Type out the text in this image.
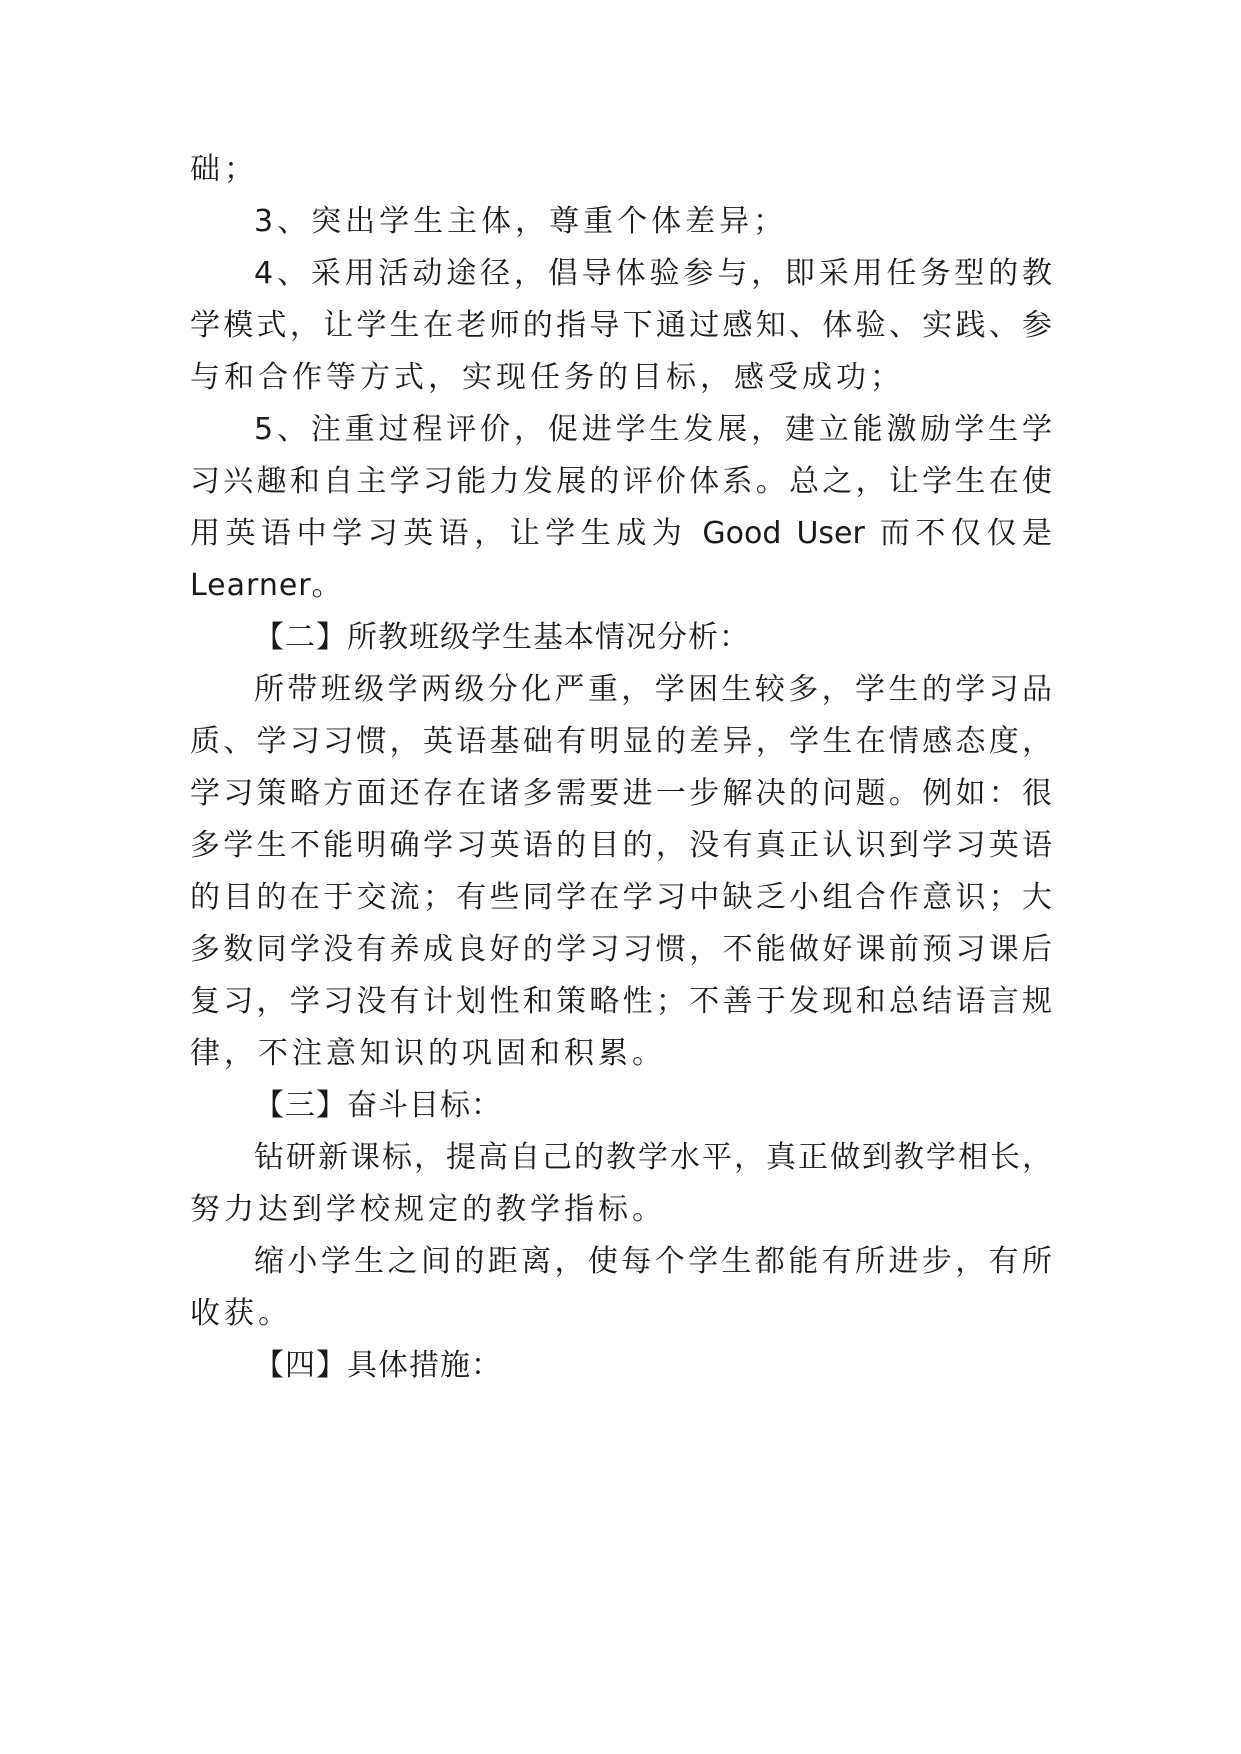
础；
3、突出学生主体，尊重个体差异；
4、采用活动途径，倡导体验参与，即采用任务型的教
学模式，让学生在老师的指导下通过感知、体验、实践、参
与和合作等方式，实现任务的目标，感受成功；
5、注重过程评价，促进学生发展，建立能激励学生学
习兴趣和自主学习能力发展的评价体系。总之，让学生在使
用英语中学习英语，让学生成为 Good User 而不仅仅是
Learner。
【二】所教班级学生基本情况分析：
所带班级学两级分化严重，学困生较多，学生的学习品
质、学习习惯，英语基础有明显的差异，学生在情感态度，
学习策略方面还存在诸多需要进一步解决的问题。例如：很
多学生不能明确学习英语的目的，没有真正认识到学习英语
的目的在于交流；有些同学在学习中缺乏小组合作意识；大
多数同学没有养成良好的学习习惯，不能做好课前预习课后
复习，学习没有计划性和策略性；不善于发现和总结语言规
律，不注意知识的巩固和积累。
【三】奋斗目标：
钻研新课标，提高自己的教学水平，真正做到教学相长，
努力达到学校规定的教学指标。
缩小学生之间的距离，使每个学生都能有所进步，有所
收获。
【四】具体措施：
